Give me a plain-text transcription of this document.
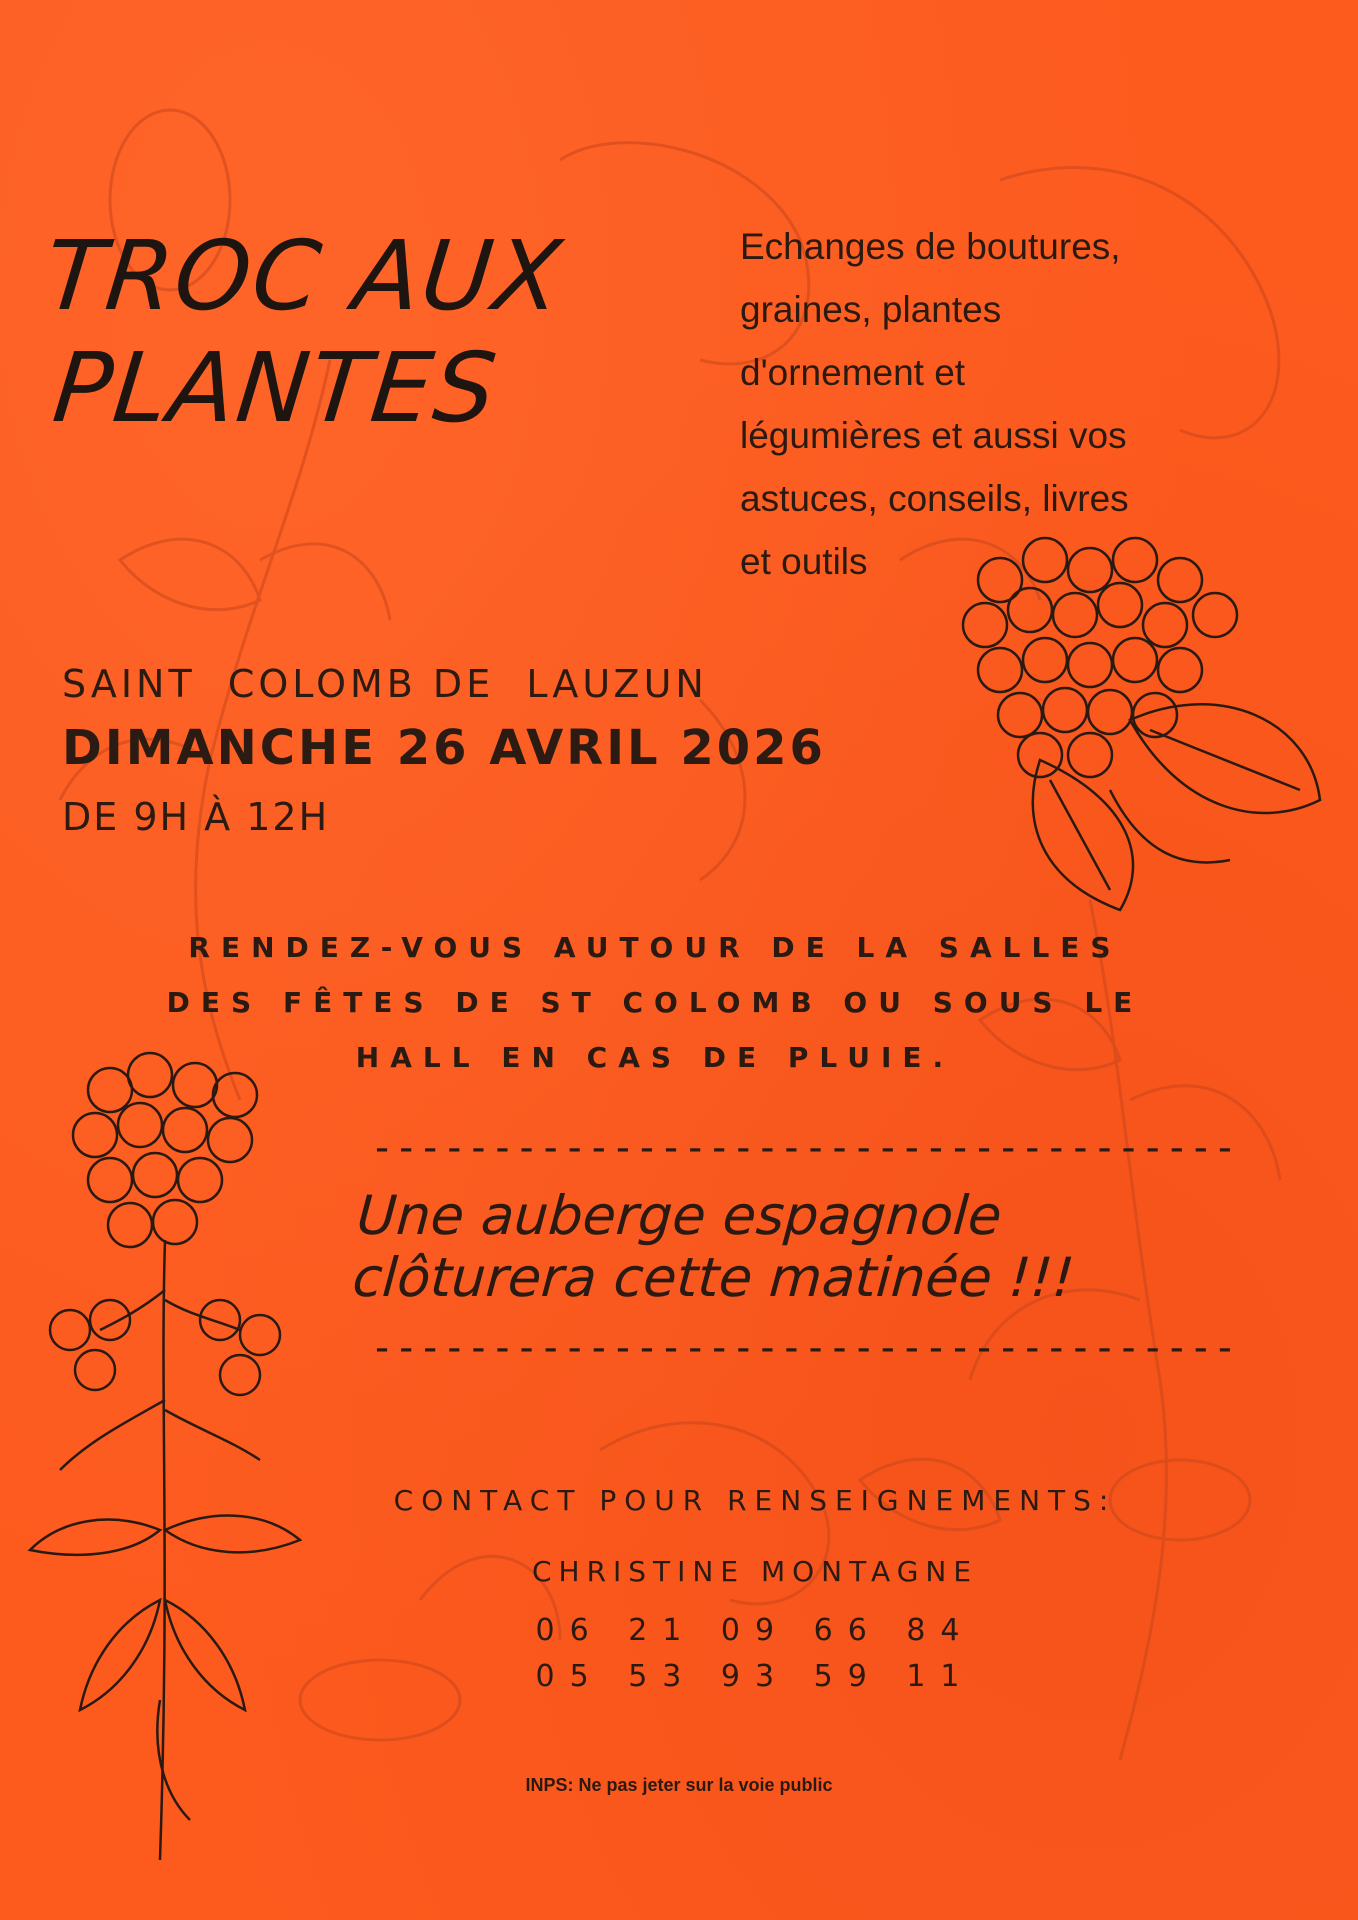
TROC AUX
PLANTES
Echanges de boutures,
graines, plantes
d'ornement et
légumières et aussi vos
astuces, conseils, livres
et outils
SAINT  COLOMB DE  LAUZUN
DIMANCHE 26 AVRIL 2026
DE 9H À 12H
RENDEZ-VOUS AUTOUR DE LA SALLES
DES FÊTES DE ST COLOMB OU SOUS LE
HALL EN CAS DE PLUIE.
------------------------------------
Une auberge espagnole
clôturera cette matinée !!!
------------------------------------
CONTACT POUR RENSEIGNEMENTS:
CHRISTINE MONTAGNE
06 21 09 66 84
05 53 93 59 11
INPS: Ne pas jeter sur la voie public
